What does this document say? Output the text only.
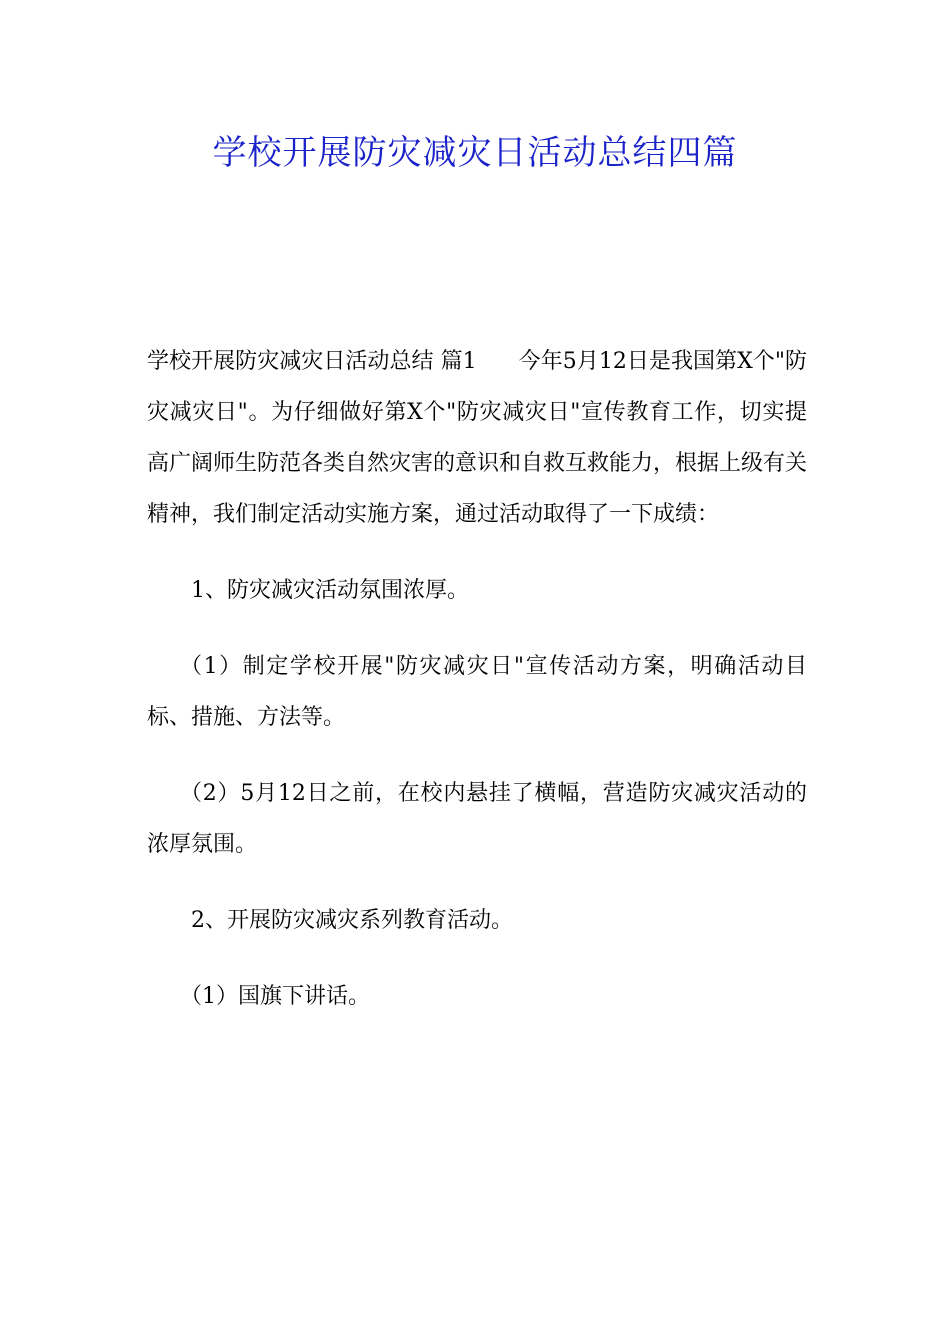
学校开展防灾减灾日活动总结四篇

学校开展防灾减灾日活动总结 篇1 今年5月12日是我国第X个"防灾减灾日"。为仔细做好第X个"防灾减灾日"宣传教育工作，切实提高广阔师生防范各类自然灾害的意识和自救互救能力，根据上级有关精神，我们制定活动实施方案，通过活动取得了一下成绩：

1、防灾减灾活动氛围浓厚。

（1）制定学校开展"防灾减灾日"宣传活动方案，明确活动目标、措施、方法等。

（2）5月12日之前，在校内悬挂了横幅，营造防灾减灾活动的浓厚氛围。

2、开展防灾减灾系列教育活动。

（1）国旗下讲话。
